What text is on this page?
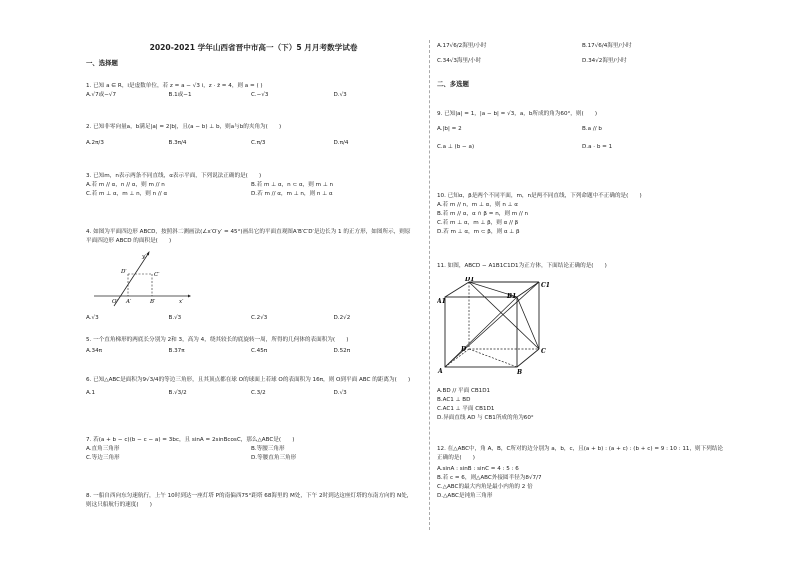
2020-2021 学年山西省晋中市高一（下）5 月月考数学试卷
一、选择题
1. 已知 a ∈ R，i是虚数单位，若 z = a − √3 i，z · z̄ = 4，则 a = ( )
A.√7或−√7	B.1或−1	C.−√3	D.√3
2. 已知非零向量a，b满足|a| = 2|b|，且(a − b) ⊥ b，则a与b的夹角为(　　)
A.2π/3	B.3π/4	C.π/3	D.π/4
3. 已知m，n表示两条不同直线，α表示平面，下列说法正确的是(　　)
A.若 m // α，n // α，则 m // n	B.若 m ⊥ α，n ⊂ α，则 m ⊥ n
C.若 m ⊥ α，m ⊥ n，则 n // α	D.若 m // α，m ⊥ n，则 n ⊥ α
4. 如图为平面四边形 ABCD，按照斜二测画法(∠x′O′y′ = 45°)画出它的平面直观图A′B′C′D′是边长为 1 的正方形，如图所示，则原平面四边形 ABCD 的面积是(　　)
y′
D′	C′
O′ A′	B′	x′
A.√3	B.√3	C.2√3	D.2√2
5. 一个直角梯形的两底长分别为 2和 3，高为 4，绕其较长的底旋转一周，所得的几何体的表面积为(　　)
A.34π	B.37π	C.45π	D.52π
6. 已知△ABC是面积为9√3/4的等边三角形，且其顶点都在球 O的球面上若球 O的表面积为 16π，则 O到平面 ABC 的距离为(　　)
A.1	B.√3/2	C.3/2	D.√3
7. 若(a + b − c)(b − c − a) = 3bc，且 sinA = 2sinBcosC，那么△ABC是(　　)
A.直角三角形	B.等腰三角形
C.等边三角形	D.等腰直角三角形
8. 一船自西向东匀速航行，上午 10时到达一座灯塔 P的南偏西75°距塔 68海里的 M处，下午 2时到达这座灯塔的东南方向的 N处，则这只船航行的速度(　　)
A.17√6/2海里/小时	B.17√6/4海里/小时
C.34√3海里/小时	D.34√2海里/小时
二、多选题
9. 已知|a| = 1，|a − b| = √3，a，b所成的角为60°，则(　　)
A.|b| = 2	B.a // b
C.a ⊥ (b − a)	D.a · b = 1
10. 已知α，β是两个不同平面，m，n是两不同直线，下列命题中不正确的是(　　)
A.若 m // n，m ⊥ α，则 n ⊥ α
B.若 m // α，α ∩ β = n，则 m // n
C.若 m ⊥ α，m ⊥ β，则 α // β
D.若 m ⊥ α，m ⊂ β，则 α ⊥ β
11. 如图，ABCD − A1B1C1D1为正方体，下面结论正确的是(　　)
D1
C1
A1
B1
D	C
A	B
A.BD // 平面 CB1D1
B.AC1 ⊥ BD
C.AC1 ⊥ 平面 CB1D1
D.异面直线 AD 与 CB1所成的角为60°
12. 在△ABC中，角 A，B，C所对的边分别为 a，b，c，且(a + b) : (a + c) : (b + c) = 9 : 10 : 11，则下列结论正确的是(　　)
A.sinA : sinB : sinC = 4 : 5 : 6
B.若 c = 6，则△ABC外接圆半径为8√7/7
C.△ABC的最大内角是最小内角的 2 倍
D.△ABC是钝角三角形
